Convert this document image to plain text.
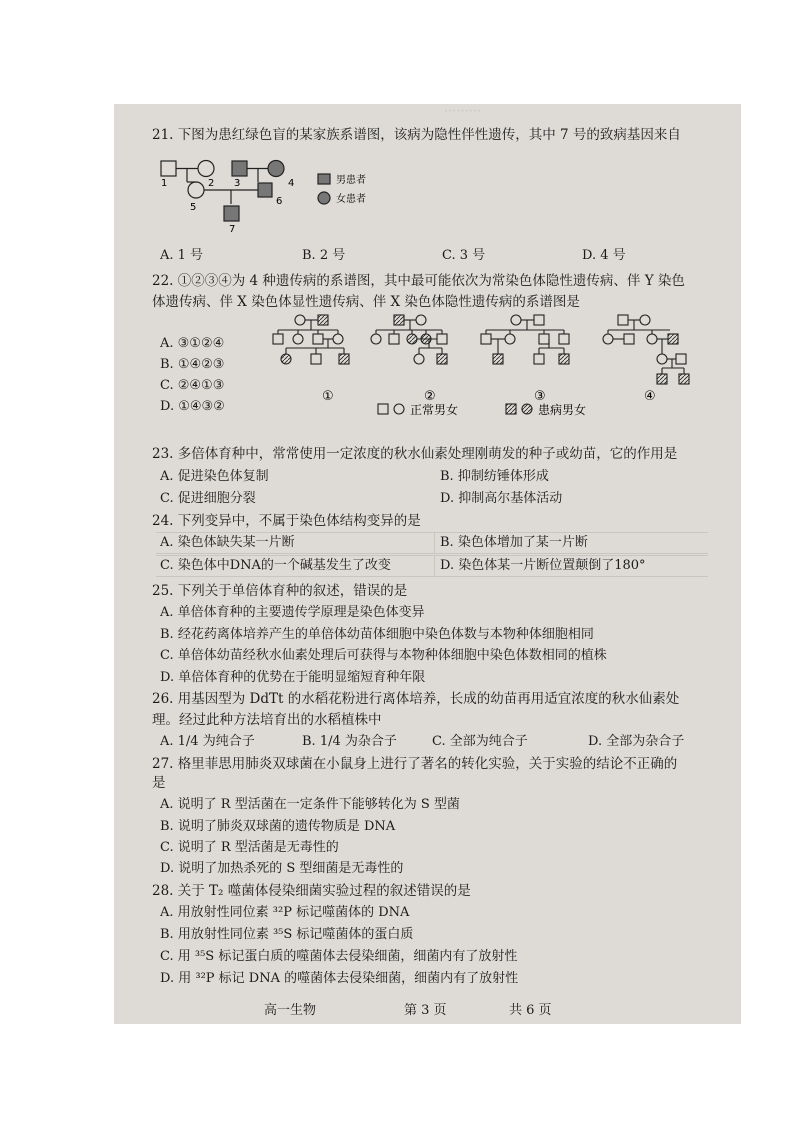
·········
21. 下图为患红绿色盲的某家族系谱图，该病为隐性伴性遗传，其中 7 号的致病基因来自
1	2 3	4
5
6
7
男患者
女患者
A. 1 号	B. 2 号	C. 3 号	D. 4 号
22. ①②③④为 4 种遗传病的系谱图，其中最可能依次为常染色体隐性遗传病、伴 Y 染色
体遗传病、伴 X 染色体显性遗传病、伴 X 染色体隐性遗传病的系谱图是
A. ③①②④
B. ①④②③
C. ②④①③
D. ①④③②
①	②	③	④
正常男女	患病男女
23. 多倍体育种中，常常使用一定浓度的秋水仙素处理刚萌发的种子或幼苗，它的作用是
A. 促进染色体复制	B. 抑制纺锤体形成
C. 促进细胞分裂	D. 抑制高尔基体活动
24. 下列变异中，不属于染色体结构变异的是
A. 染色体缺失某一片断	B. 染色体增加了某一片断
C. 染色体中DNA的一个碱基发生了改变	D. 染色体某一片断位置颠倒了180°
25. 下列关于单倍体育种的叙述，错误的是
A. 单倍体育种的主要遗传学原理是染色体变异
B. 经花药离体培养产生的单倍体幼苗体细胞中染色体数与本物种体细胞相同
C. 单倍体幼苗经秋水仙素处理后可获得与本物种体细胞中染色体数相同的植株
D. 单倍体育种的优势在于能明显缩短育种年限
26. 用基因型为 DdTt 的水稻花粉进行离体培养，长成的幼苗再用适宜浓度的秋水仙素处
理。经过此种方法培育出的水稻植株中
A. 1/4 为纯合子	B. 1/4 为杂合子	C. 全部为纯合子	D. 全部为杂合子
27. 格里菲思用肺炎双球菌在小鼠身上进行了著名的转化实验，关于实验的结论不正确的
是
A. 说明了 R 型活菌在一定条件下能够转化为 S 型菌
B. 说明了肺炎双球菌的遗传物质是 DNA
C. 说明了 R 型活菌是无毒性的
D. 说明了加热杀死的 S 型细菌是无毒性的
28. 关于 T₂ 噬菌体侵染细菌实验过程的叙述错误的是
A. 用放射性同位素 ³²P 标记噬菌体的 DNA
B. 用放射性同位素 ³⁵S 标记噬菌体的蛋白质
C. 用 ³⁵S 标记蛋白质的噬菌体去侵染细菌，细菌内有了放射性
D. 用 ³²P 标记 DNA 的噬菌体去侵染细菌，细菌内有了放射性
高一生物	第 3 页	共 6 页
